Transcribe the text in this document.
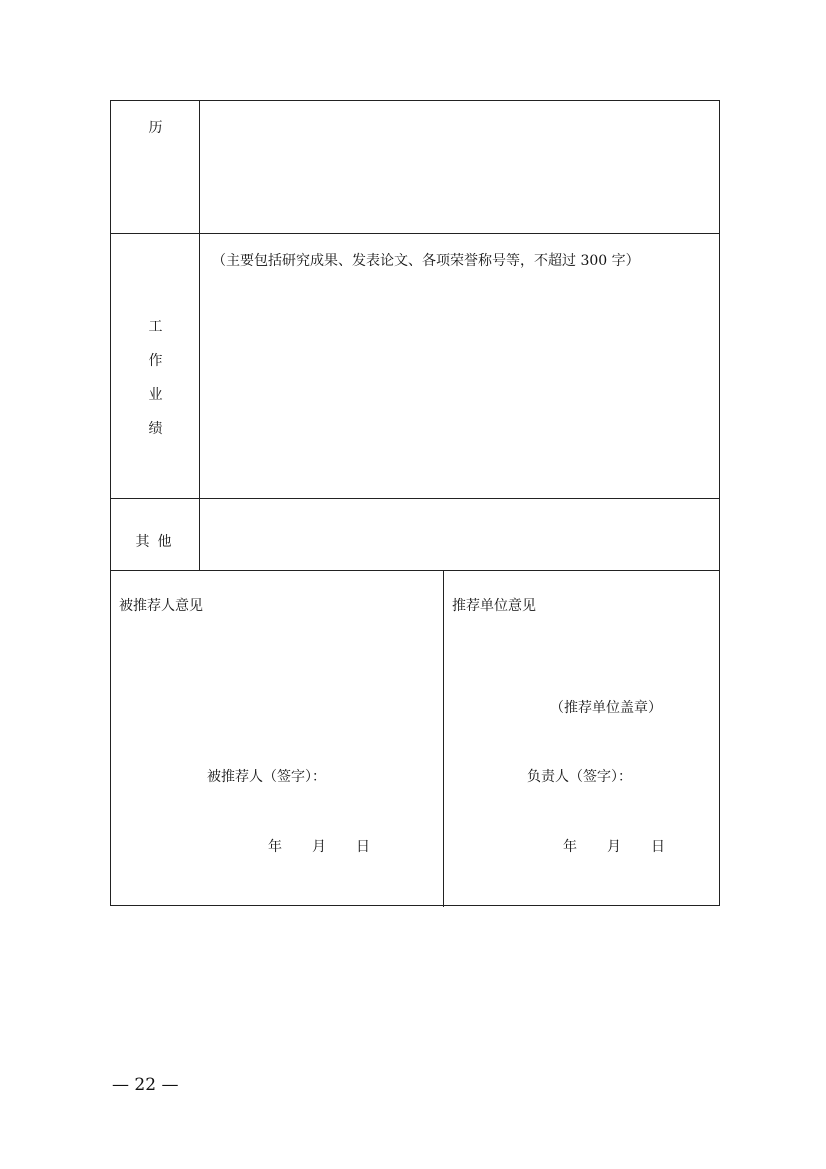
历
工
作
业
绩
（主要包括研究成果、发表论文、各项荣誉称号等，不超过 300 字）
其他
被推荐人意见
被推荐人（签字）：
年 月 日
推荐单位意见
（推荐单位盖章）
负责人（签字）：
年 月 日
— 22 —
